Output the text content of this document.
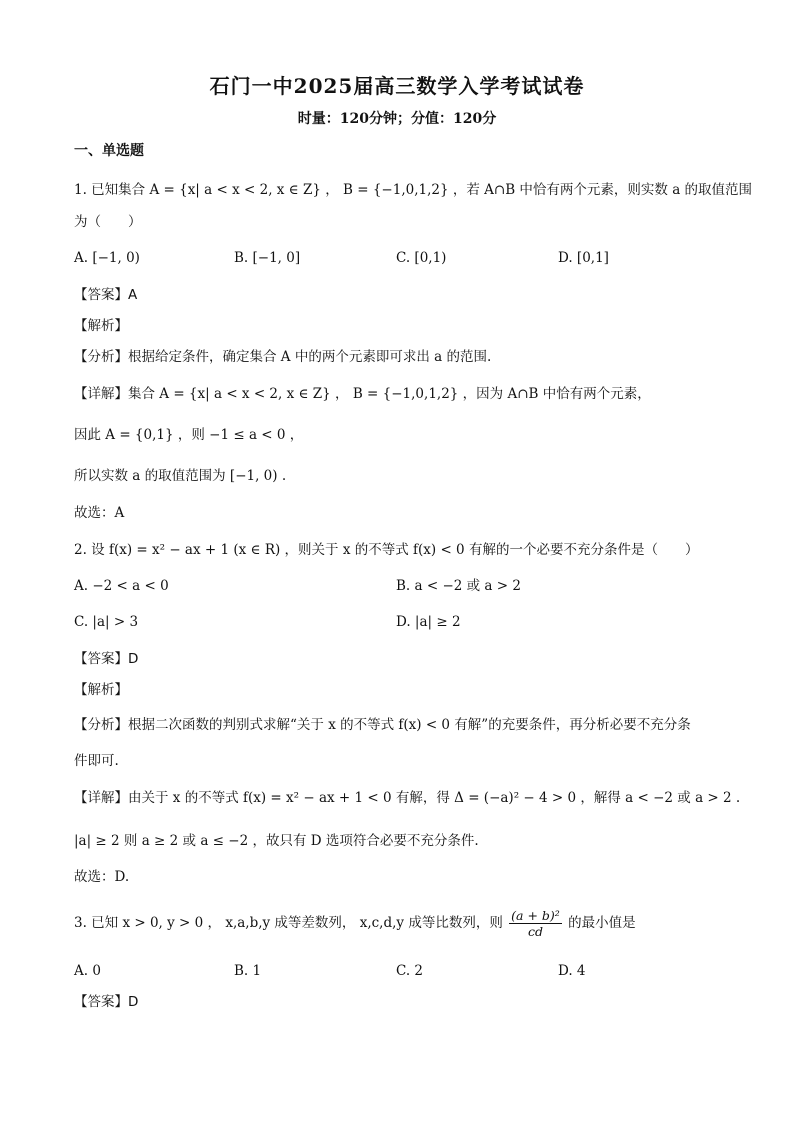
石门一中2025届高三数学入学考试试卷
时量：120分钟；分值：120分
一、单选题
1. 已知集合 A = {x| a < x < 2, x ∈ Z} ， B = {−1,0,1,2} ，若 A∩B 中恰有两个元素，则实数 a 的取值范围
为（　　）
A. [−1, 0)	B. [−1, 0]	C. [0,1)	D. [0,1]
【答案】A
【解析】
【分析】根据给定条件，确定集合 A 中的两个元素即可求出 a 的范围.
【详解】集合 A = {x| a < x < 2, x ∈ Z} ， B = {−1,0,1,2} ，因为 A∩B 中恰有两个元素，
因此 A = {0,1} ，则 −1 ≤ a < 0 ，
所以实数 a 的取值范围为 [−1, 0) .
故选：A
2. 设 f(x) = x² − ax + 1 (x ∈ R) ，则关于 x 的不等式 f(x) < 0 有解的一个必要不充分条件是（　　）
A. −2 < a < 0	B. a < −2 或 a > 2
C. |a| > 3	D. |a| ≥ 2
【答案】D
【解析】
【分析】根据二次函数的判别式求解“关于 x 的不等式 f(x) < 0 有解”的充要条件，再分析必要不充分条
件即可.
【详解】由关于 x 的不等式 f(x) = x² − ax + 1 < 0 有解，得 Δ = (−a)² − 4 > 0 ，解得 a < −2 或 a > 2 .
|a| ≥ 2 则 a ≥ 2 或 a ≤ −2 ，故只有 D 选项符合必要不充分条件.
故选：D.
3. 已知 x > 0, y > 0 ， x,a,b,y 成等差数列， x,c,d,y 成等比数列，则 $\frac{\text{(a + b)²}}{cd}$ 的最小值是
A. 0	B. 1	C. 2	D. 4
【答案】D
